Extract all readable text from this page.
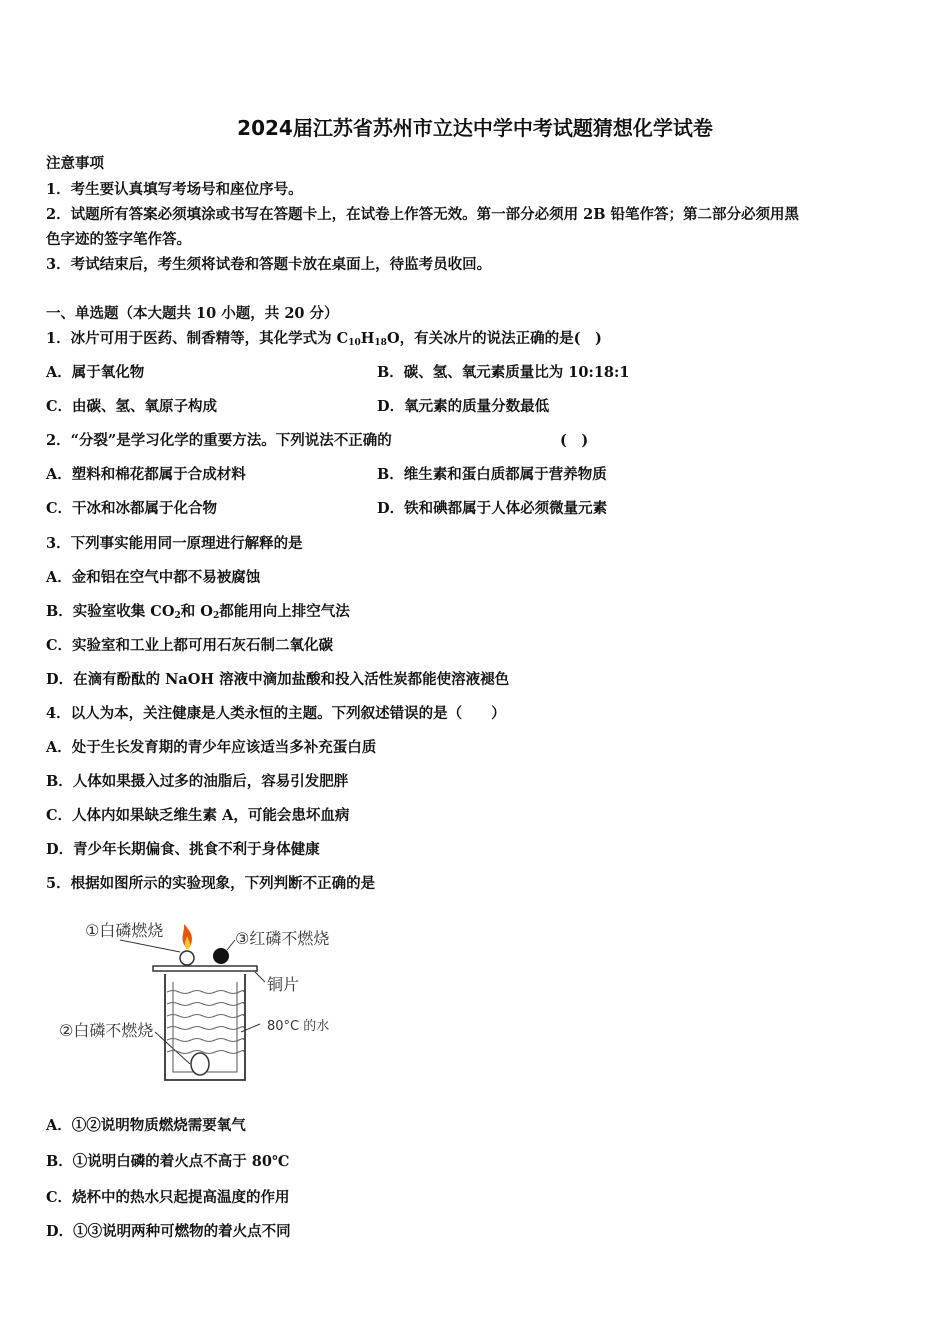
2024届江苏省苏州市立达中学中考试题猜想化学试卷
注意事项
1．考生要认真填写考场号和座位序号。
2．试题所有答案必须填涂或书写在答题卡上，在试卷上作答无效。第一部分必须用 2B 铅笔作答；第二部分必须用黑
色字迹的签字笔作答。
3．考试结束后，考生须将试卷和答题卡放在桌面上，待监考员收回。
一、单选题（本大题共 10 小题，共 20 分）
1．冰片可用于医药、制香精等，其化学式为 $C_{10}H_{18}O$，有关冰片的说法正确的是(　)
A．属于氧化物	B．碳、氢、氧元素质量比为 10:18:1
C．由碳、氢、氧原子构成	D．氧元素的质量分数最低
2．“分裂”是学习化学的重要方法。下列说法不正确的	(　)
A．塑料和棉花都属于合成材料	B．维生素和蛋白质都属于营养物质
C．干冰和冰都属于化合物	D．铁和碘都属于人体必须微量元素
3．下列事实能用同一原理进行解释的是
A．金和铝在空气中都不易被腐蚀
B．实验室收集 $CO_2$和 $O_2$都能用向上排空气法
C．实验室和工业上都可用石灰石制二氧化碳
D．在滴有酚酞的 NaOH 溶液中滴加盐酸和投入活性炭都能使溶液褪色
4．以人为本，关注健康是人类永恒的主题。下列叙述错误的是（　　）
A．处于生长发育期的青少年应该适当多补充蛋白质
B．人体如果摄入过多的油脂后，容易引发肥胖
C．人体内如果缺乏维生素 A，可能会患坏血病
D．青少年长期偏食、挑食不利于身体健康
5．根据如图所示的实验现象，下列判断不正确的是
①白磷燃烧	③红磷不燃烧
铜片
②白磷不燃烧	80°C 的水
A．①②说明物质燃烧需要氧气
B．①说明白磷的着火点不高于 80℃
C．烧杯中的热水只起提高温度的作用
D．①③说明两种可燃物的着火点不同
